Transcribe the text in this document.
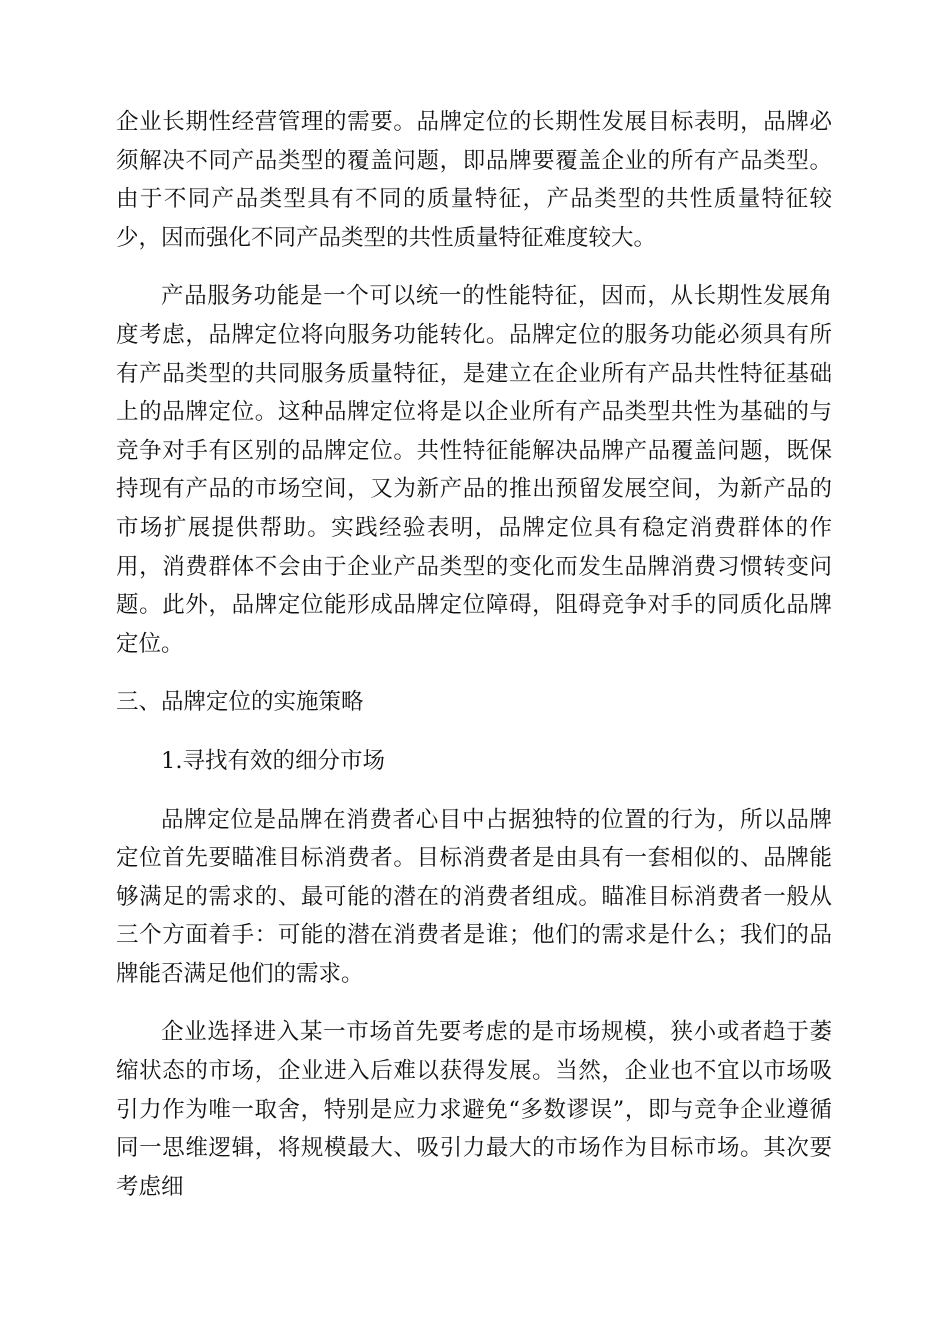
企业长期性经营管理的需要。品牌定位的长期性发展目标表明，品牌必须解决不同产品类型的覆盖问题，即品牌要覆盖企业的所有产品类型。由于不同产品类型具有不同的质量特征，产品类型的共性质量特征较少，因而强化不同产品类型的共性质量特征难度较大。

产品服务功能是一个可以统一的性能特征，因而，从长期性发展角度考虑，品牌定位将向服务功能转化。品牌定位的服务功能必须具有所有产品类型的共同服务质量特征，是建立在企业所有产品共性特征基础上的品牌定位。这种品牌定位将是以企业所有产品类型共性为基础的与竞争对手有区别的品牌定位。共性特征能解决品牌产品覆盖问题，既保持现有产品的市场空间，又为新产品的推出预留发展空间，为新产品的市场扩展提供帮助。实践经验表明，品牌定位具有稳定消费群体的作用，消费群体不会由于企业产品类型的变化而发生品牌消费习惯转变问题。此外，品牌定位能形成品牌定位障碍，阻碍竞争对手的同质化品牌定位。

三、品牌定位的实施策略

1.寻找有效的细分市场

品牌定位是品牌在消费者心目中占据独特的位置的行为，所以品牌定位首先要瞄准目标消费者。目标消费者是由具有一套相似的、品牌能够满足的需求的、最可能的潜在的消费者组成。瞄准目标消费者一般从三个方面着手：可能的潜在消费者是谁；他们的需求是什么；我们的品牌能否满足他们的需求。

企业选择进入某一市场首先要考虑的是市场规模，狭小或者趋于萎缩状态的市场，企业进入后难以获得发展。当然，企业也不宜以市场吸引力作为唯一取舍，特别是应力求避免“多数谬误”，即与竞争企业遵循同一思维逻辑，将规模最大、吸引力最大的市场作为目标市场。其次要考虑细
